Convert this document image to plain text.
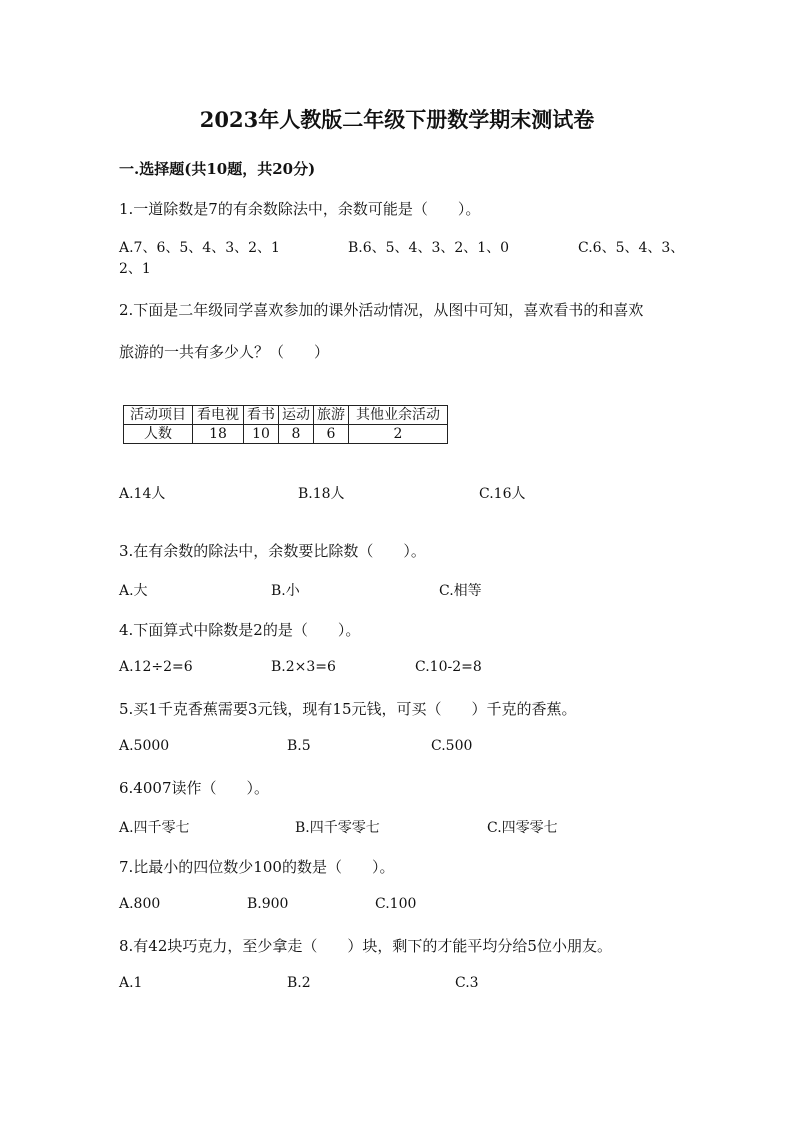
2023年人教版二年级下册数学期末测试卷
一.选择题(共10题，共20分)
1.一道除数是7的有余数除法中，余数可能是（　　）。
A.7、6、5、4、3、2、1	B.6、5、4、3、2、1、0	C.6、5、4、3、
2、1
2.下面是二年级同学喜欢参加的课外活动情况，从图中可知，喜欢看书的和喜欢
旅游的一共有多少人？（　　）
活动项目	看电视	看书	运动	旅游	其他业余活动
人数	18	10	8	6	2
A.14人	B.18人	C.16人
3.在有余数的除法中，余数要比除数（　　）。
A.大	B.小	C.相等
4.下面算式中除数是2的是（　　）。
A.12÷2=6	B.2×3=6	C.10-2=8
5.买1千克香蕉需要3元钱，现有15元钱，可买（　　）千克的香蕉。
A.5000	B.5	C.500
6.4007读作（　　）。
A.四千零七	B.四千零零七	C.四零零七
7.比最小的四位数少100的数是（　　）。
A.800	B.900	C.100
8.有42块巧克力，至少拿走（　　）块，剩下的才能平均分给5位小朋友。
A.1	B.2	C.3
